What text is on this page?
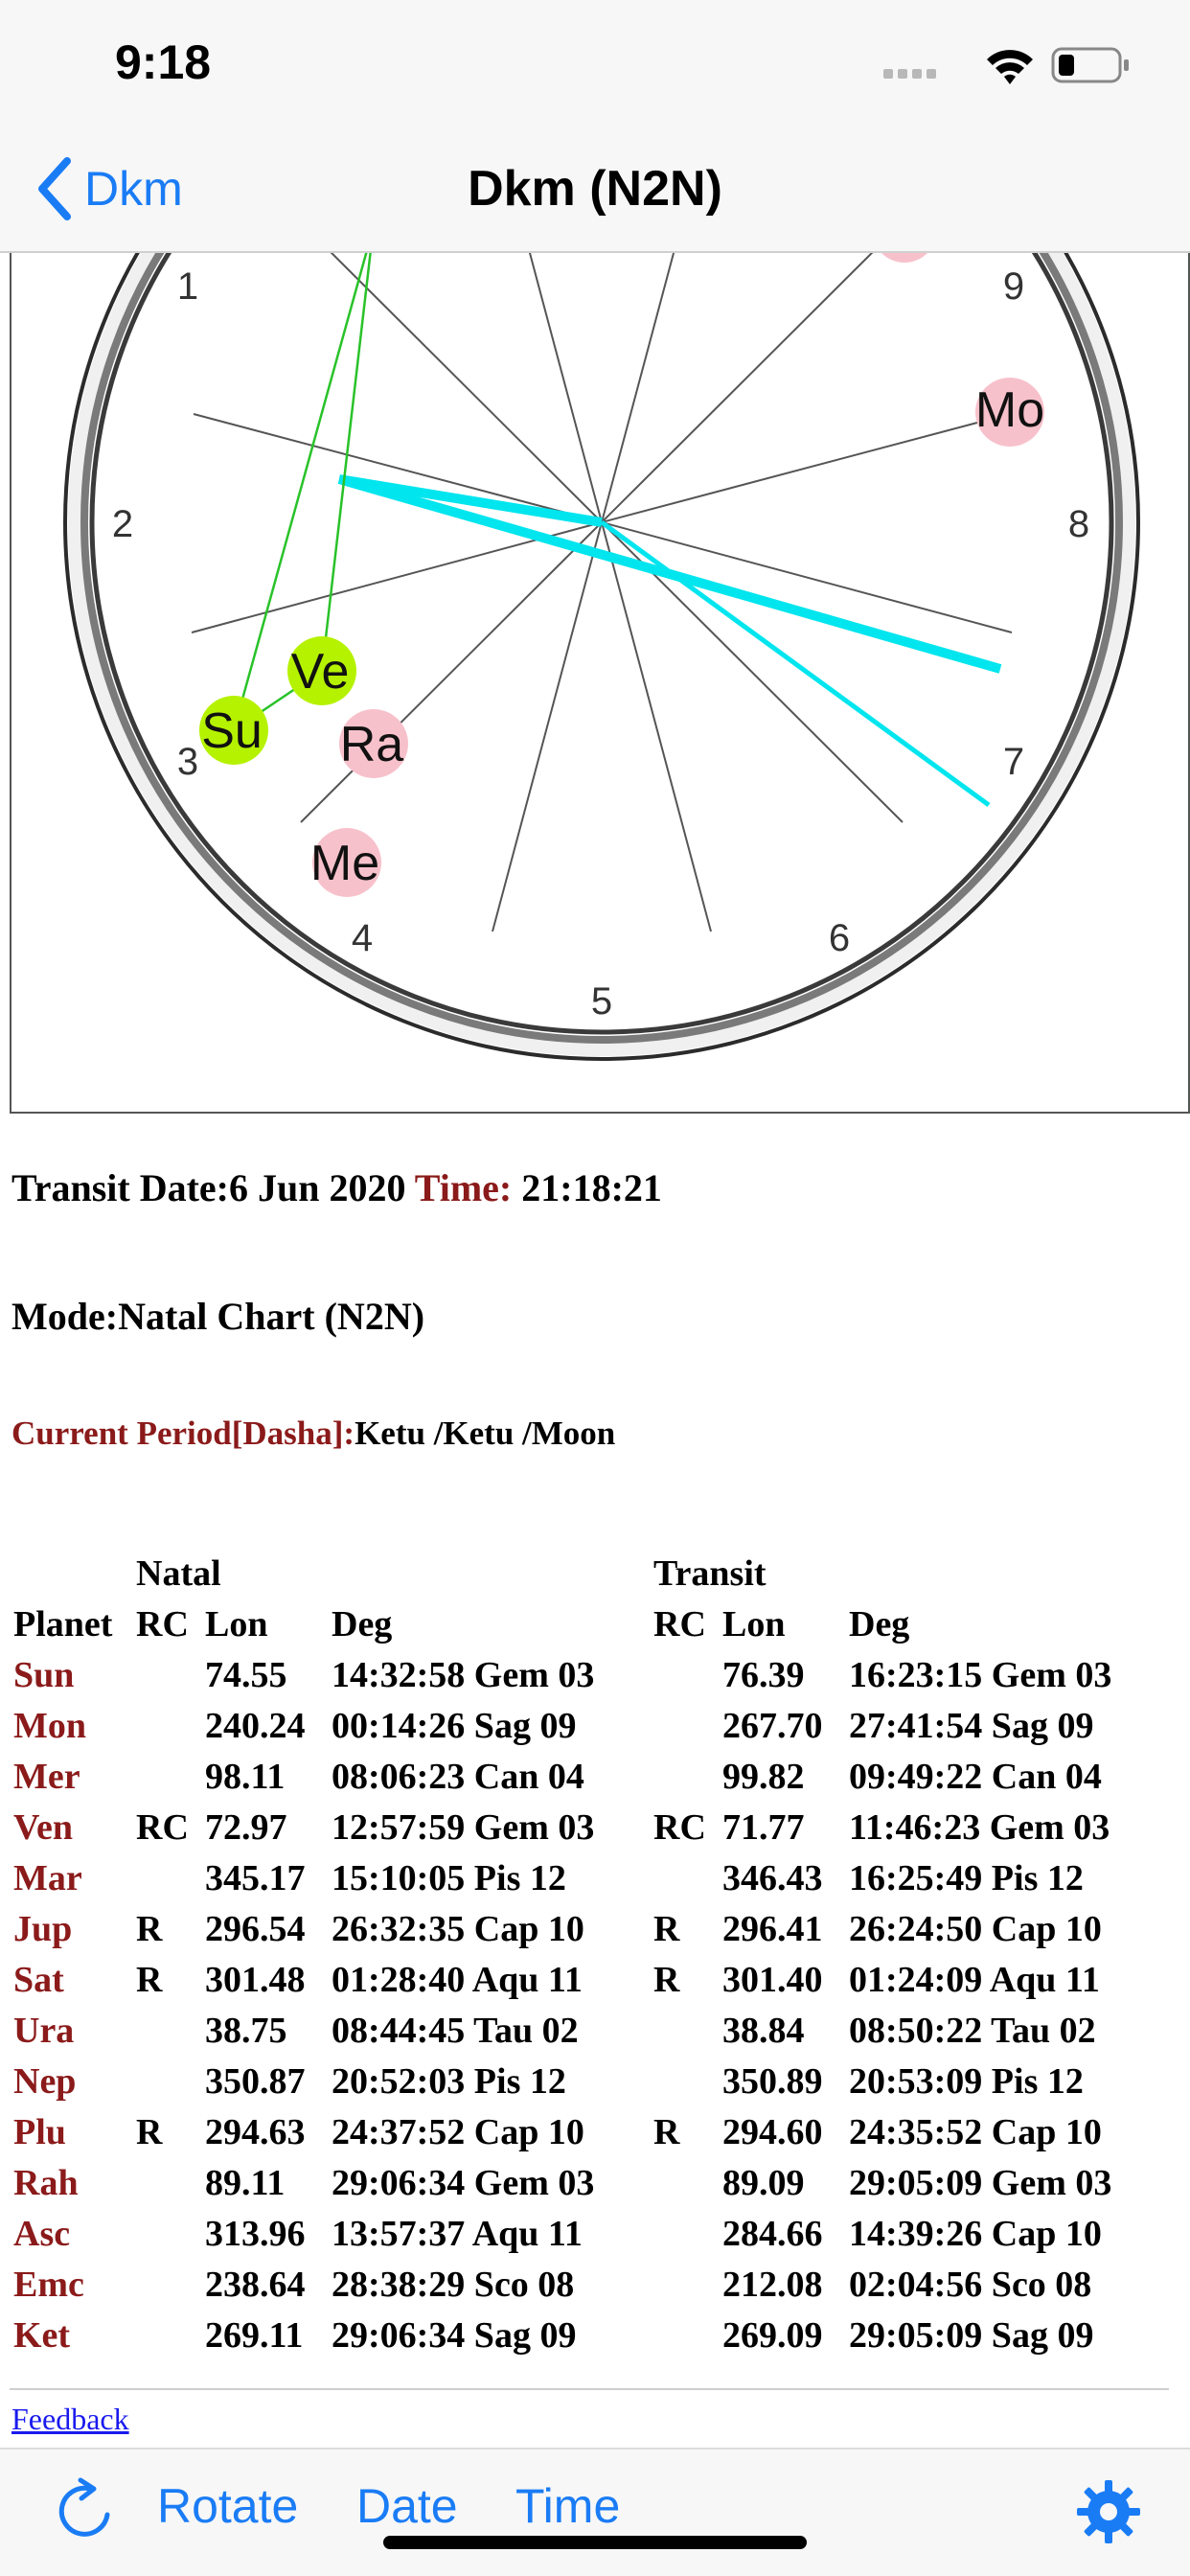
9:18
Dkm	Dkm (N2N)
Mo
Ve
Su Ra
Me
1
2
3
4
5
6
7
8
9
Transit Date:6 Jun 2020 Time: 21:18:21
Mode:Natal Chart (N2N)
Current Period[Dasha]:Ketu /Ketu /Moon
Natal	Transit
Planet RC Lon Deg	RC Lon Deg
Sun	74.55 14:32:58 Gem 03	76.39 16:23:15 Gem 03
Mon	240.24 00:14:26 Sag 09	267.70 27:41:54 Sag 09
Mer	98.11 08:06:23 Can 04	99.82 09:49:22 Can 04
Ven RC 72.97 12:57:59 Gem 03 RC 71.77 11:46:23 Gem 03
Mar	345.17 15:10:05 Pis 12	346.43 16:25:49 Pis 12
Jup R 296.54 26:32:35 Cap 10 R 296.41 26:24:50 Cap 10
Sat R 301.48 01:28:40 Aqu 11 R 301.40 01:24:09 Aqu 11
Ura	38.75 08:44:45 Tau 02	38.84 08:50:22 Tau 02
Nep	350.87 20:52:03 Pis 12	350.89 20:53:09 Pis 12
Plu R 294.63 24:37:52 Cap 10 R 294.60 24:35:52 Cap 10
Rah	89.11 29:06:34 Gem 03	89.09 29:05:09 Gem 03
Asc	313.96 13:57:37 Aqu 11	284.66 14:39:26 Cap 10
Emc	238.64 28:38:29 Sco 08	212.08 02:04:56 Sco 08
Ket	269.11 29:06:34 Sag 09	269.09 29:05:09 Sag 09
Feedback
Rotate Date Time
